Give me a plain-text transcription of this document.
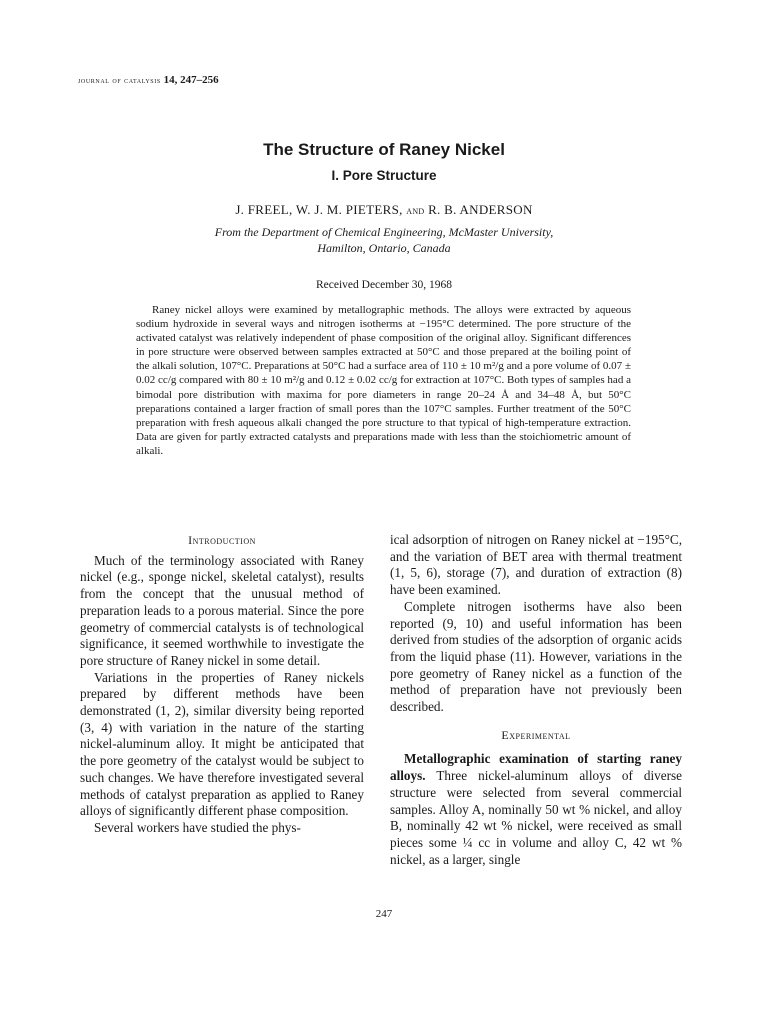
journal of catalysis 14, 247–256
The Structure of Raney Nickel
I. Pore Structure
J. FREEL, W. J. M. PIETERS, and R. B. ANDERSON
From the Department of Chemical Engineering, McMaster University,
Hamilton, Ontario, Canada
Received December 30, 1968

Raney nickel alloys were examined by metallographic methods. The alloys were extracted by aqueous sodium hydroxide in several ways and nitrogen isotherms at −195°C determined. The pore structure of the activated catalyst was relatively independent of phase composition of the original alloy. Significant differences in pore structure were observed between samples extracted at 50°C and those prepared at the boiling point of the alkali solution, 107°C. Preparations at 50°C had a surface area of 110 ± 10 m²/g and a pore volume of 0.07 ± 0.02 cc/g compared with 80 ± 10 m²/g and 0.12 ± 0.02 cc/g for extraction at 107°C. Both types of samples had a bimodal pore distribution with maxima for pore diameters in range 20–24 Å and 34–48 Å, but 50°C preparations contained a larger fraction of small pores than the 107°C samples. Further treatment of the 50°C preparation with fresh aqueous alkali changed the pore structure to that typical of high-temperature extraction. Data are given for partly extracted catalysts and preparations made with less than the stoichiometric amount of alkali.

Introduction

Much of the terminology associated with Raney nickel (e.g., sponge nickel, skeletal catalyst), results from the concept that the unusual method of preparation leads to a porous material. Since the pore geometry of commercial catalysts is of technological significance, it seemed worthwhile to investigate the pore structure of Raney nickel in some detail.

Variations in the properties of Raney nickels prepared by different methods have been demonstrated (1, 2), similar diversity being reported (3, 4) with variation in the nature of the starting nickel-aluminum alloy. It might be anticipated that the pore geometry of the catalyst would be subject to such changes. We have therefore investigated several methods of catalyst preparation as applied to Raney alloys of significantly different phase composition.

Several workers have studied the phys-

ical adsorption of nitrogen on Raney nickel at −195°C, and the variation of BET area with thermal treatment (1, 5, 6), storage (7), and duration of extraction (8) have been examined.

Complete nitrogen isotherms have also been reported (9, 10) and useful information has been derived from studies of the adsorption of organic acids from the liquid phase (11). However, variations in the pore geometry of Raney nickel as a function of the method of preparation have not previously been described.

Experimental

Metallographic examination of starting raney alloys. Three nickel-aluminum alloys of diverse structure were selected from several commercial samples. Alloy A, nominally 50 wt % nickel, and alloy B, nominally 42 wt % nickel, were received as small pieces some ¼ cc in volume and alloy C, 42 wt % nickel, as a larger, single

247
